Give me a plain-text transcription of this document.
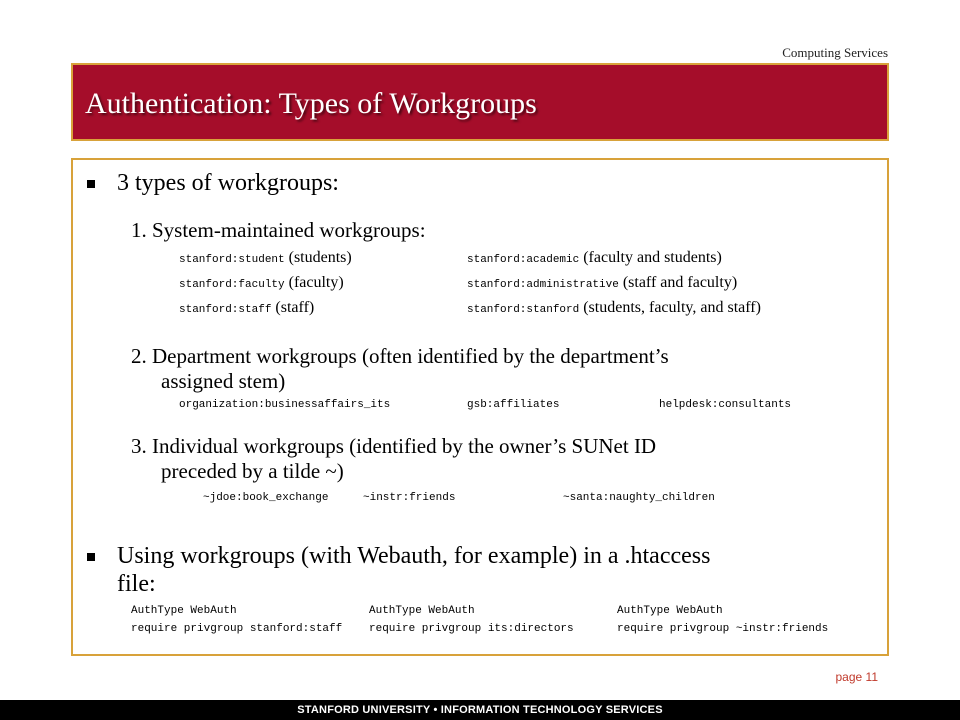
Computing Services
Authentication: Types of Workgroups
3 types of workgroups:
1. System-maintained workgroups:
stanford:student (students)	stanford:academic (faculty and students)
stanford:faculty (faculty)	stanford:administrative (staff and faculty)
stanford:staff (staff)	stanford:stanford (students, faculty, and staff)
2. Department workgroups (often identified by the department’s
assigned stem)
organization:businessaffairs_its	gsb:affiliates	helpdesk:consultants
3. Individual workgroups (identified by the owner’s SUNet ID
preceded by a tilde ~)
~jdoe:book_exchange	~instr:friends	~santa:naughty_children
Using workgroups (with Webauth, for example) in a .htaccess
file:
AuthType WebAuth
require privgroup stanford:staff
AuthType WebAuth
require privgroup its:directors
AuthType WebAuth
require privgroup ~instr:friends
page 11
STANFORD UNIVERSITY • INFORMATION TECHNOLOGY SERVICES
